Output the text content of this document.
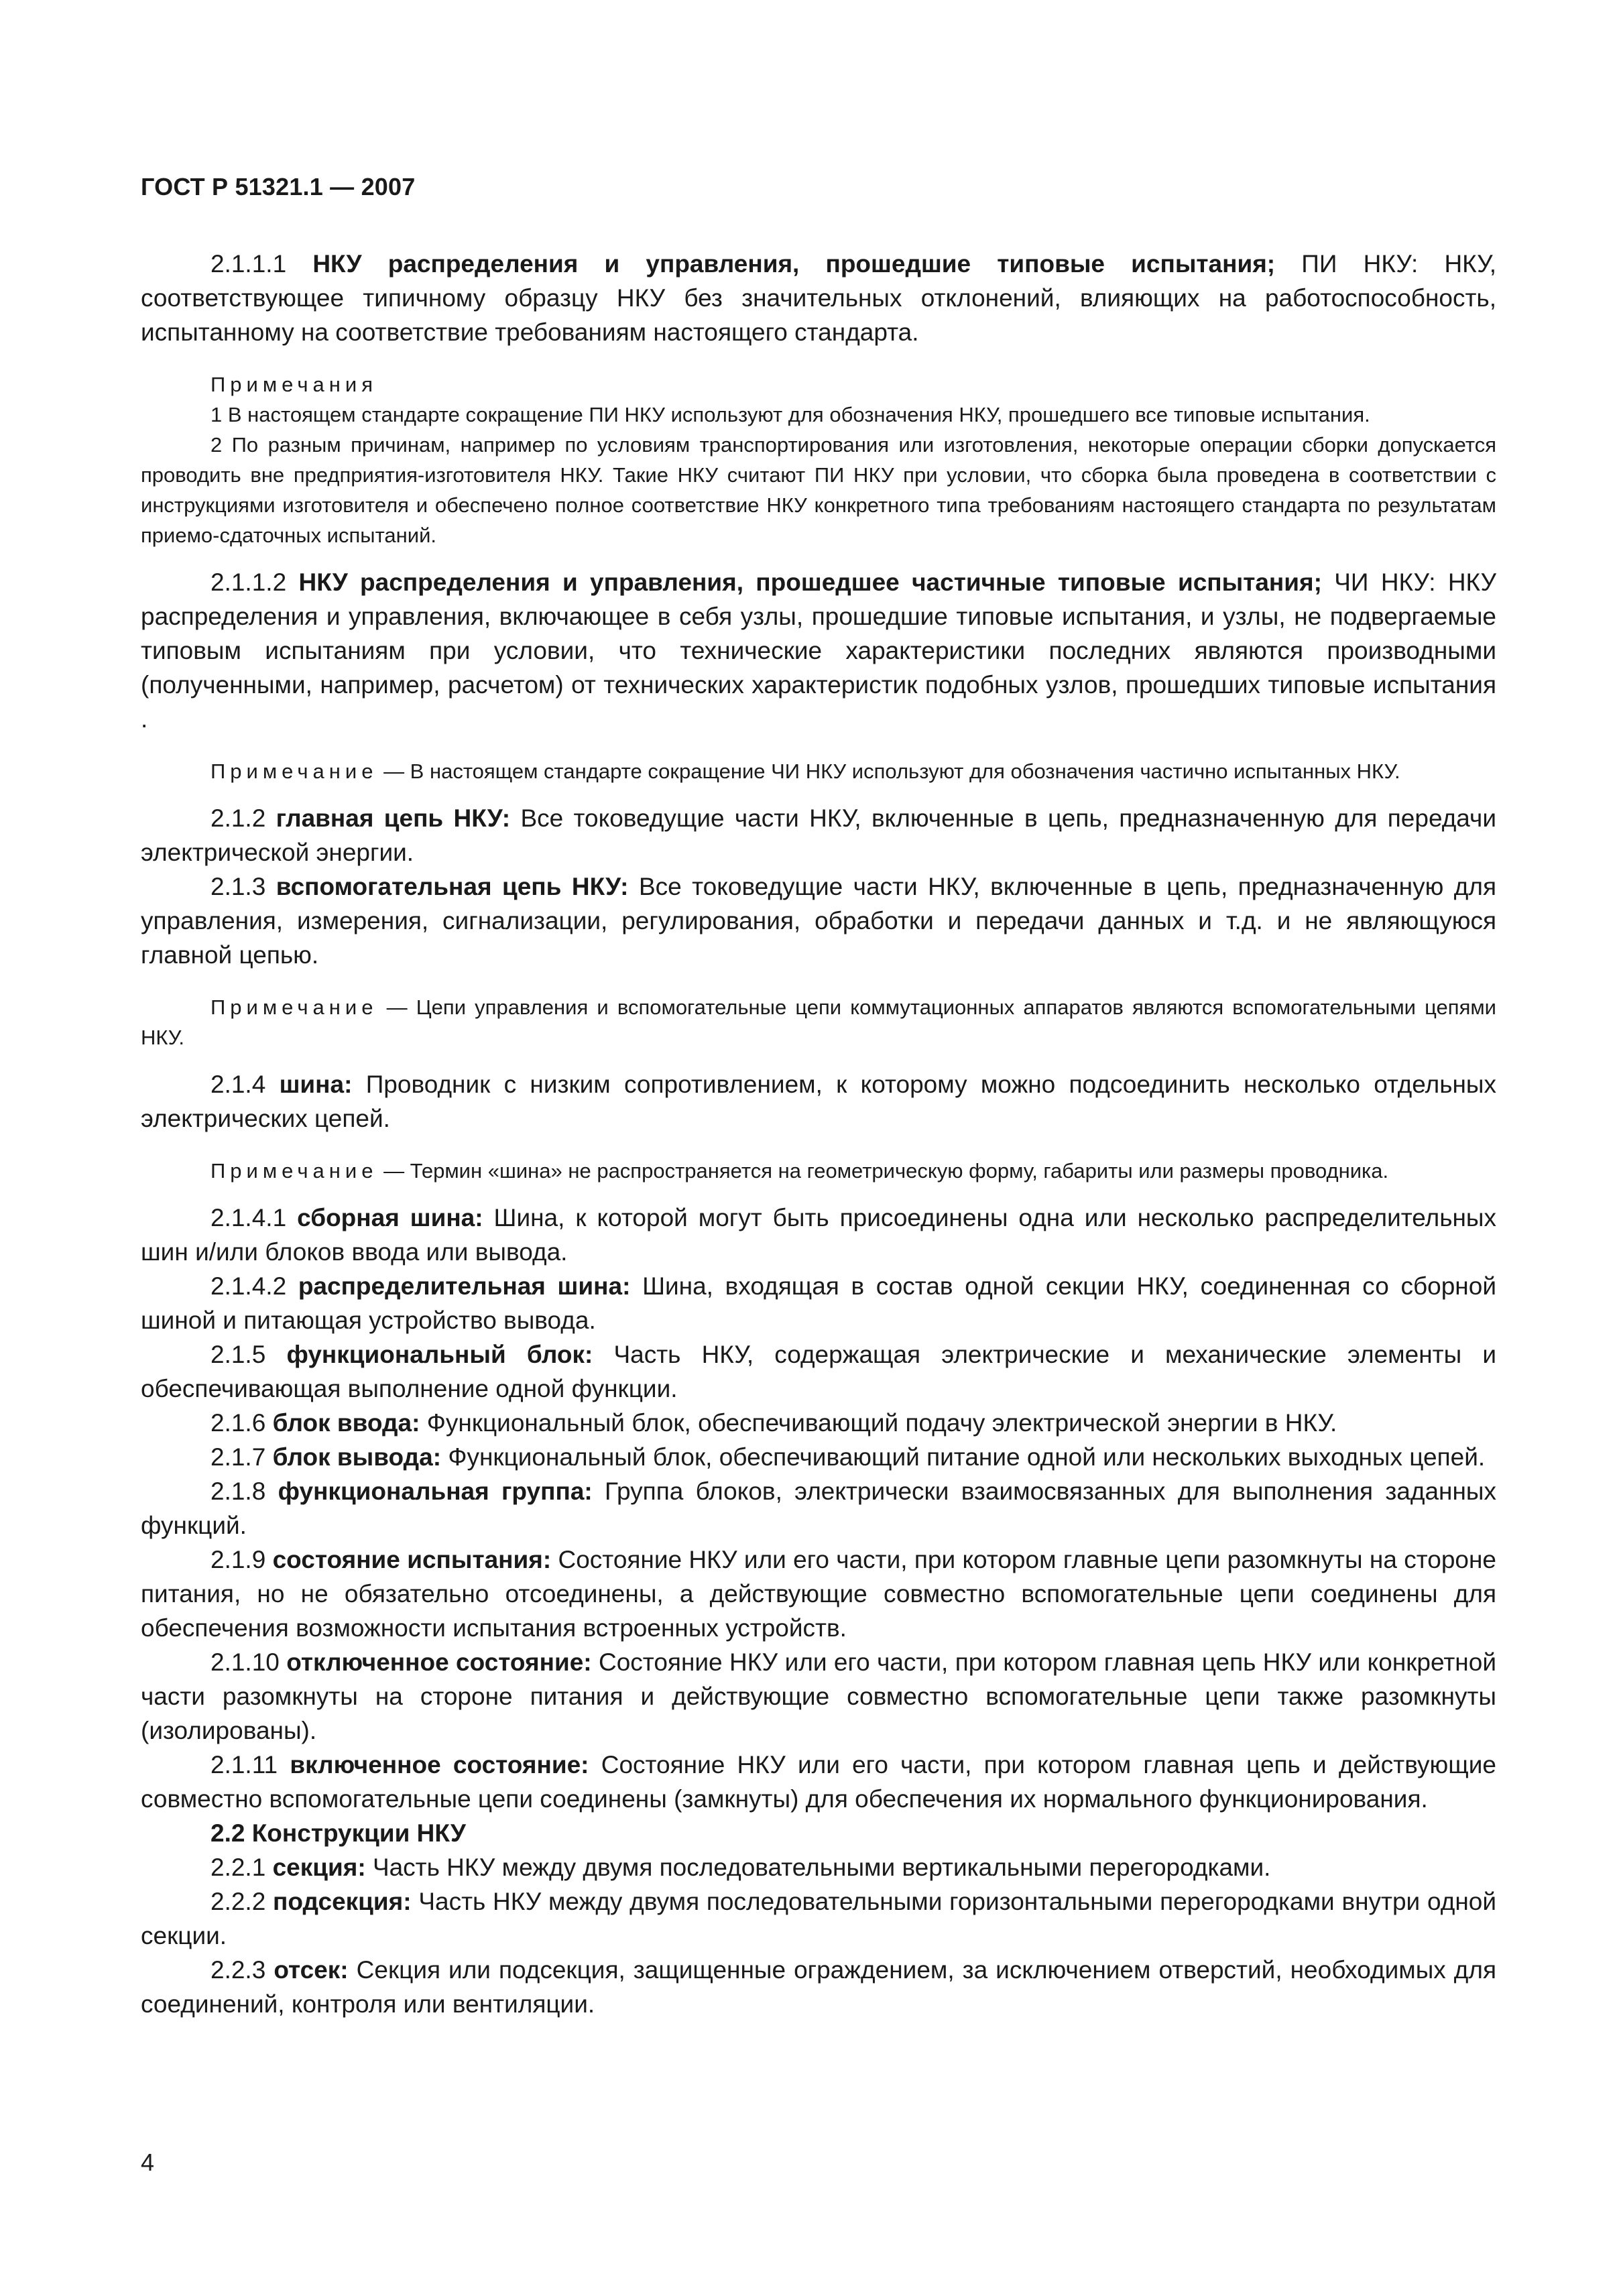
ГОСТ Р 51321.1 — 2007

2.1.1.1 НКУ распределения и управления, прошедшие типовые испытания; ПИ НКУ: НКУ, соответствующее типичному образцу НКУ без значительных отклонений, влияющих на работоспособность, испытанному на соответствие требованиям настоящего стандарта.

Примечания

1 В настоящем стандарте сокращение ПИ НКУ используют для обозначения НКУ, прошедшего все типовые испытания.

2 По разным причинам, например по условиям транспортирования или изготовления, некоторые операции сборки допускается проводить вне предприятия-изготовителя НКУ. Такие НКУ считают ПИ НКУ при условии, что сборка была проведена в соответствии с инструкциями изготовителя и обеспечено полное соответствие НКУ конкретного типа требованиям настоящего стандарта по результатам приемо-сдаточных испытаний.

2.1.1.2 НКУ распределения и управления, прошедшее частичные типовые испытания; ЧИ НКУ: НКУ распределения и управления, включающее в себя узлы, прошедшие типовые испытания, и узлы, не подвергаемые типовым испытаниям при условии, что технические характеристики последних являются производными (полученными, например, расчетом) от технических характеристик подобных узлов, прошедших типовые испытания .

Примечание — В настоящем стандарте сокращение ЧИ НКУ используют для обозначения частично испытанных НКУ.

2.1.2 главная цепь НКУ: Все токоведущие части НКУ, включенные в цепь, предназначенную для передачи электрической энергии.

2.1.3 вспомогательная цепь НКУ: Все токоведущие части НКУ, включенные в цепь, предназначенную для управления, измерения, сигнализации, регулирования, обработки и передачи данных и т.д. и не являющуюся главной цепью.

Примечание — Цепи управления и вспомогательные цепи коммутационных аппаратов являются вспомогательными цепями НКУ.

2.1.4 шина: Проводник с низким сопротивлением, к которому можно подсоединить несколько отдельных электрических цепей.

Примечание — Термин «шина» не распространяется на геометрическую форму, габариты или размеры проводника.

2.1.4.1 сборная шина: Шина, к которой могут быть присоединены одна или несколько распределительных шин и/или блоков ввода или вывода.

2.1.4.2 распределительная шина: Шина, входящая в состав одной секции НКУ, соединенная со сборной шиной и питающая устройство вывода.

2.1.5 функциональный блок: Часть НКУ, содержащая электрические и механические элементы и обеспечивающая выполнение одной функции.

2.1.6 блок ввода: Функциональный блок, обеспечивающий подачу электрической энергии в НКУ.

2.1.7 блок вывода: Функциональный блок, обеспечивающий питание одной или нескольких выходных цепей.

2.1.8 функциональная группа: Группа блоков, электрически взаимосвязанных для выполнения заданных функций.

2.1.9 состояние испытания: Состояние НКУ или его части, при котором главные цепи разомкнуты на стороне питания, но не обязательно отсоединены, а действующие совместно вспомогательные цепи соединены для обеспечения возможности испытания встроенных устройств.

2.1.10 отключенное состояние: Состояние НКУ или его части, при котором главная цепь НКУ или конкретной части разомкнуты на стороне питания и действующие совместно вспомогательные цепи также разомкнуты (изолированы).

2.1.11 включенное состояние: Состояние НКУ или его части, при котором главная цепь и действующие совместно вспомогательные цепи соединены (замкнуты) для обеспечения их нормального функционирования.

2.2 Конструкции НКУ

2.2.1 секция: Часть НКУ между двумя последовательными вертикальными перегородками.

2.2.2 подсекция: Часть НКУ между двумя последовательными горизонтальными перегородками внутри одной секции.

2.2.3 отсек: Секция или подсекция, защищенные ограждением, за исключением отверстий, необходимых для соединений, контроля или вентиляции.

4
